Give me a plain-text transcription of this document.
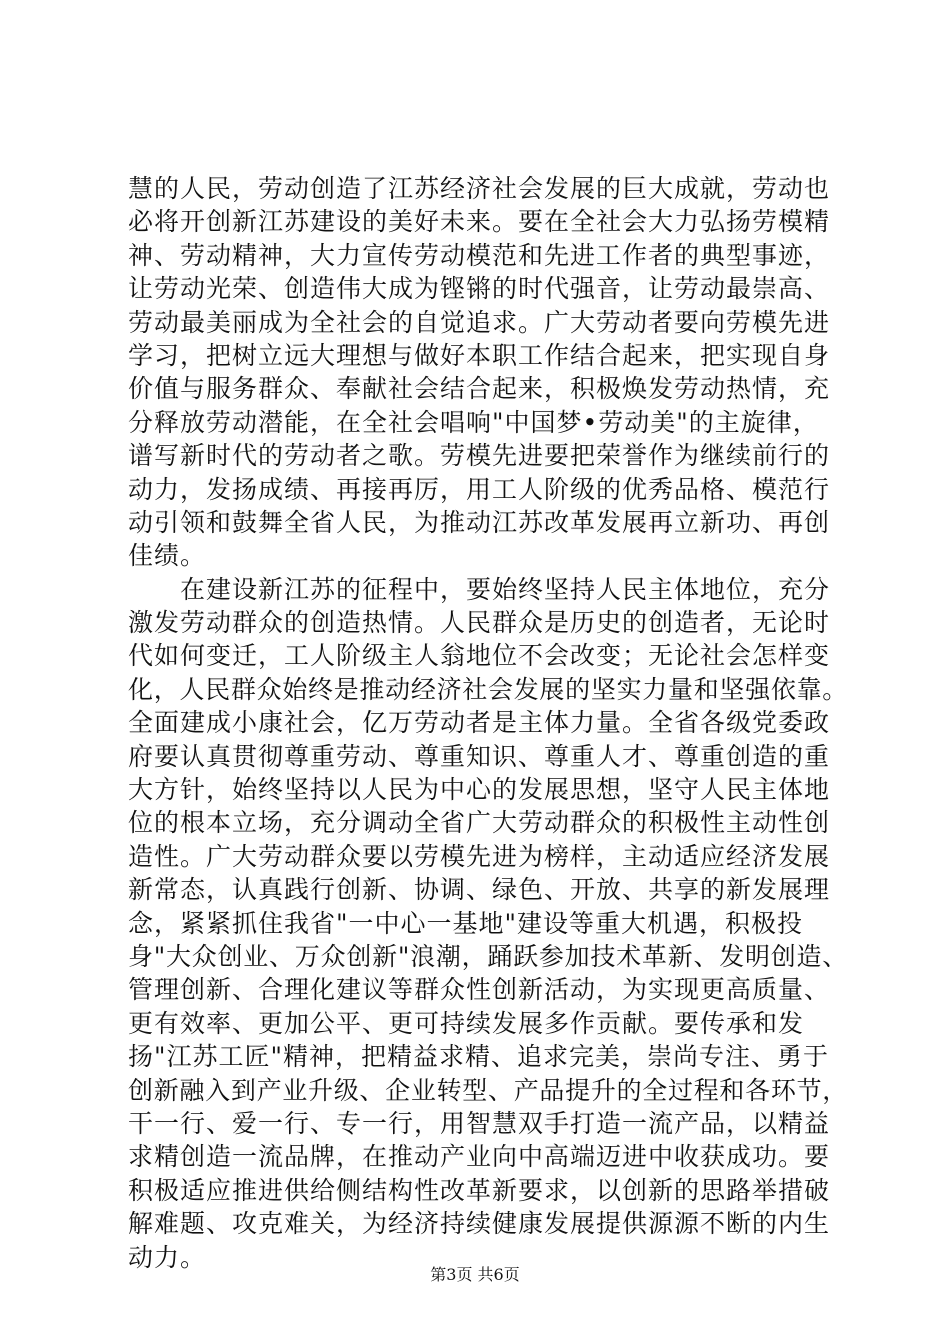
慧的人民，劳动创造了江苏经济社会发展的巨大成就，劳动也
必将开创新江苏建设的美好未来。要在全社会大力弘扬劳模精
神、劳动精神，大力宣传劳动模范和先进工作者的典型事迹，
让劳动光荣、创造伟大成为铿锵的时代强音，让劳动最崇高、
劳动最美丽成为全社会的自觉追求。广大劳动者要向劳模先进
学习，把树立远大理想与做好本职工作结合起来，把实现自身
价值与服务群众、奉献社会结合起来，积极焕发劳动热情，充
分释放劳动潜能，在全社会唱响"中国梦•劳动美"的主旋律，
谱写新时代的劳动者之歌。劳模先进要把荣誉作为继续前行的
动力，发扬成绩、再接再厉，用工人阶级的优秀品格、模范行
动引领和鼓舞全省人民，为推动江苏改革发展再立新功、再创
佳绩。
　　在建设新江苏的征程中，要始终坚持人民主体地位，充分
激发劳动群众的创造热情。人民群众是历史的创造者，无论时
代如何变迁，工人阶级主人翁地位不会改变；无论社会怎样变
化，人民群众始终是推动经济社会发展的坚实力量和坚强依靠。
全面建成小康社会，亿万劳动者是主体力量。全省各级党委政
府要认真贯彻尊重劳动、尊重知识、尊重人才、尊重创造的重
大方针，始终坚持以人民为中心的发展思想，坚守人民主体地
位的根本立场，充分调动全省广大劳动群众的积极性主动性创
造性。广大劳动群众要以劳模先进为榜样，主动适应经济发展
新常态，认真践行创新、协调、绿色、开放、共享的新发展理
念，紧紧抓住我省"一中心一基地"建设等重大机遇，积极投
身"大众创业、万众创新"浪潮，踊跃参加技术革新、发明创造、
管理创新、合理化建议等群众性创新活动，为实现更高质量、
更有效率、更加公平、更可持续发展多作贡献。要传承和发
扬"江苏工匠"精神，把精益求精、追求完美，崇尚专注、勇于
创新融入到产业升级、企业转型、产品提升的全过程和各环节，
干一行、爱一行、专一行，用智慧双手打造一流产品，以精益
求精创造一流品牌，在推动产业向中高端迈进中收获成功。要
积极适应推进供给侧结构性改革新要求，以创新的思路举措破
解难题、攻克难关，为经济持续健康发展提供源源不断的内生
动力。
第3页 共6页
